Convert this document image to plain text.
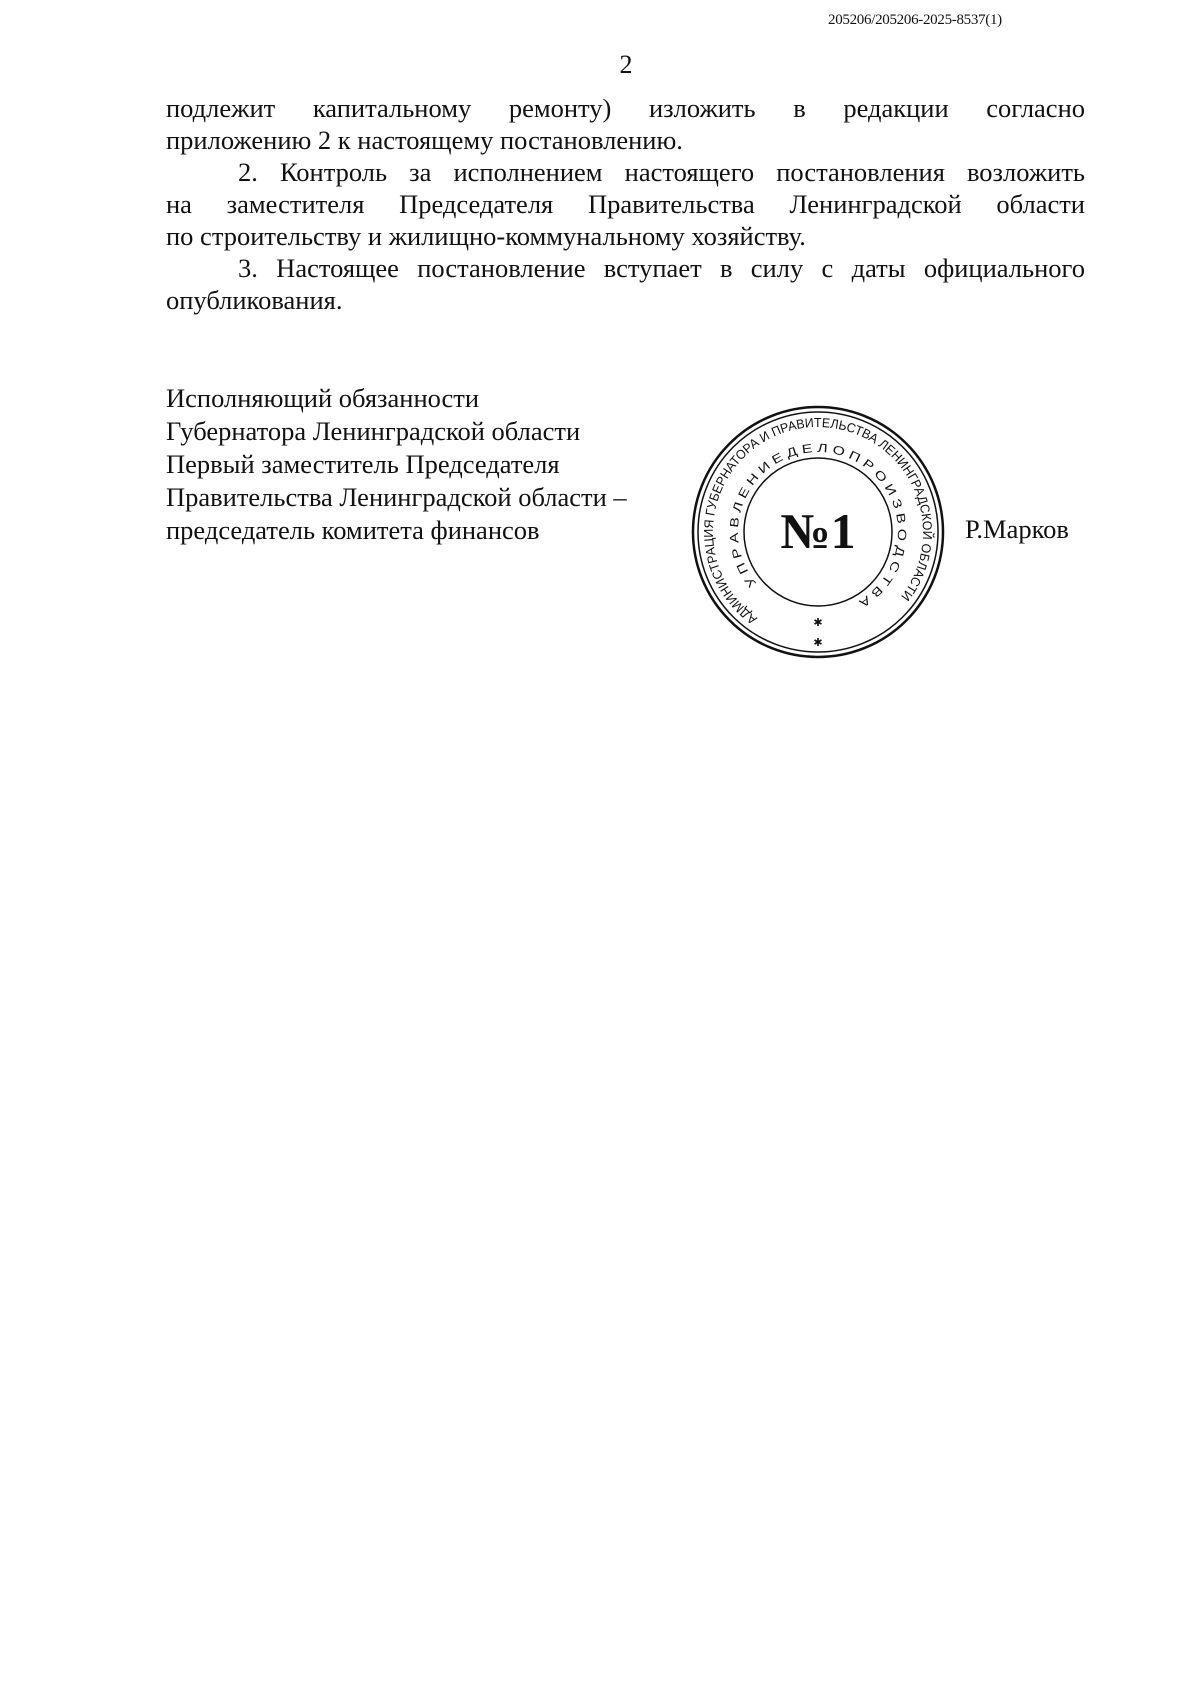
205206/205206-2025-8537(1)
2
подлежит капитальному ремонту) изложить в редакции согласно
приложению 2 к настоящему постановлению.
2. Контроль за исполнением настоящего постановления возложить
на заместителя Председателя Правительства Ленинградской области
по строительству и жилищно-коммунальному хозяйству.
3. Настоящее постановление вступает в силу с даты официального
опубликования.
Исполняющий обязанности
Губернатора Ленинградской области
Первый заместитель Председателя
Правительства Ленинградской области –
председатель комитета финансов	Р.Марков
АДМИНИСТРАЦИЯ ГУБЕРНАТОРА И ПРАВИТЕЛЬСТВА ЛЕНИНГРАДСКОЙ ОБЛАСТИ
У П Р А В Л Е Н И Е Д Е Л О П Р О И З В О Д С Т В А
№1
✱
✱
